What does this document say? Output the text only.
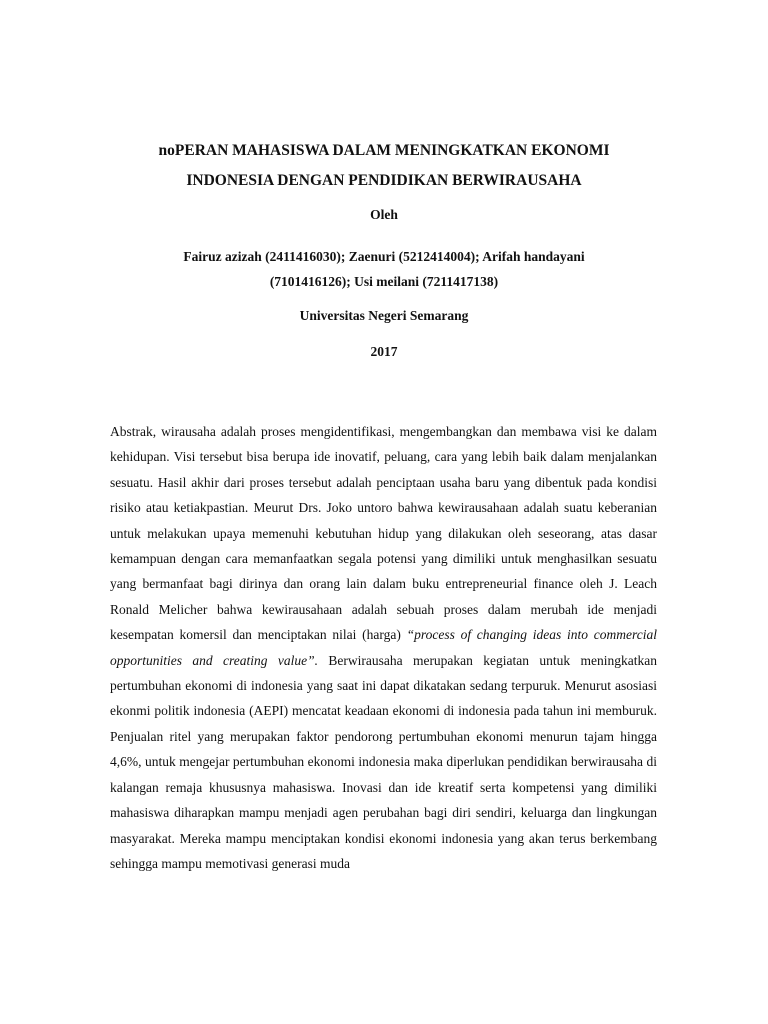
noPERAN MAHASISWA DALAM MENINGKATKAN EKONOMI
INDONESIA DENGAN PENDIDIKAN BERWIRAUSAHA

Oleh

Fairuz azizah (2411416030); Zaenuri (5212414004); Arifah handayani
(7101416126); Usi meilani (7211417138)

Universitas Negeri Semarang

2017

Abstrak, wirausaha adalah proses mengidentifikasi, mengembangkan dan membawa visi ke dalam kehidupan. Visi tersebut bisa berupa ide inovatif, peluang, cara yang lebih baik dalam menjalankan sesuatu. Hasil akhir dari proses tersebut adalah penciptaan usaha baru yang dibentuk pada kondisi risiko atau ketiakpastian. Meurut Drs. Joko untoro bahwa kewirausahaan adalah suatu keberanian untuk melakukan upaya memenuhi kebutuhan hidup yang dilakukan oleh seseorang, atas dasar kemampuan dengan cara memanfaatkan segala potensi yang dimiliki untuk menghasilkan sesuatu yang bermanfaat bagi dirinya dan orang lain dalam buku entrepreneurial finance oleh J. Leach Ronald Melicher bahwa kewirausahaan adalah sebuah proses dalam merubah ide menjadi kesempatan komersil dan menciptakan nilai (harga) “process of changing ideas into commercial opportunities and creating value”. Berwirausaha merupakan kegiatan untuk meningkatkan pertumbuhan ekonomi di indonesia yang saat ini dapat dikatakan sedang terpuruk. Menurut asosiasi ekonmi politik indonesia (AEPI) mencatat keadaan ekonomi di indonesia pada tahun ini memburuk. Penjualan ritel yang merupakan faktor pendorong pertumbuhan ekonomi menurun tajam hingga 4,6%, untuk mengejar pertumbuhan ekonomi indonesia maka diperlukan pendidikan berwirausaha di kalangan remaja khususnya mahasiswa. Inovasi dan ide kreatif serta kompetensi yang dimiliki mahasiswa diharapkan mampu menjadi agen perubahan bagi diri sendiri, keluarga dan lingkungan masyarakat. Mereka mampu menciptakan kondisi ekonomi indonesia yang akan terus berkembang sehingga mampu memotivasi generasi muda
